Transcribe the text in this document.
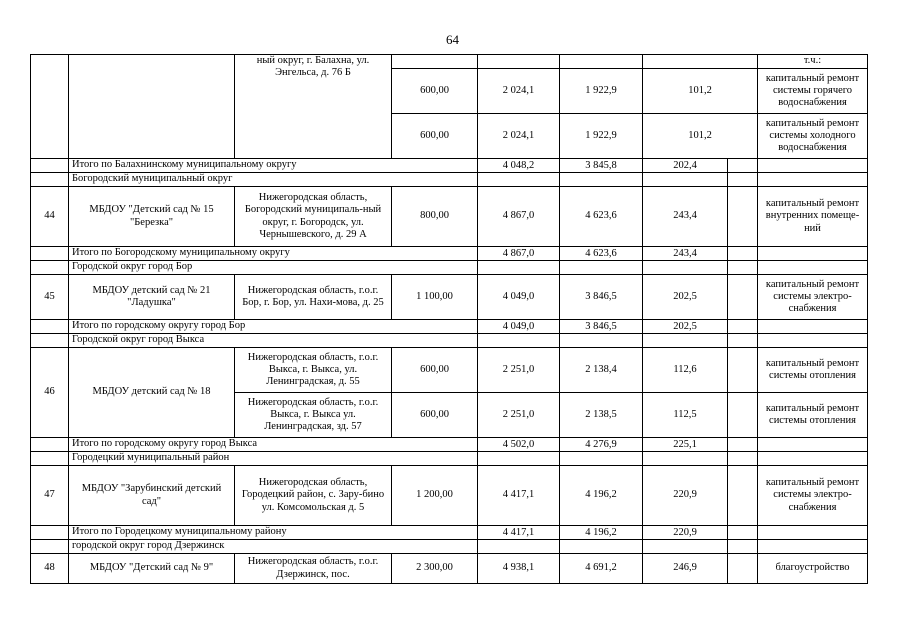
64
		ный округ, г. Балахна, ул. Энгельса, д. 76 Б						т.ч.:
			600,00	2 024,1	1 922,9	101,2		капитальный ремонт системы горячего водоснабжения
			600,00	2 024,1	1 922,9	101,2		капитальный ремонт системы холодного водоснабжения
	Итого по Балахнинскому муниципальному округу			4 048,2	3 845,8	202,4		
	Богородский муниципальный округ							
44	МБДОУ "Детский сад № 15 "Березка"	Нижегородская область, Богородский муниципаль-ный округ, г. Богородск, ул. Чернышевского, д. 29 А	800,00	4 867,0	4 623,6	243,4		капитальный ремонт внутренних помеще-ний
	Итого по Богородскому муниципальному округу			4 867,0	4 623,6	243,4		
	Городской округ город Бор							
45	МБДОУ детский сад № 21 "Ладушка"	Нижегородская область, г.о.г. Бор, г. Бор, ул. Нахи-мова, д. 25	1 100,00	4 049,0	3 846,5	202,5		капитальный ремонт системы электро-снабжения
	Итого по городскому округу город Бор			4 049,0	3 846,5	202,5		
	Городской округ город Выкса							
46	МБДОУ детский сад № 18	Нижегородская область, г.о.г. Выкса, г. Выкса, ул. Ленинградская, д. 55	600,00	2 251,0	2 138,4	112,6		капитальный ремонт системы отопления
		Нижегородская область, г.о.г. Выкса, г. Выкса ул. Ленинградская, зд. 57	600,00	2 251,0	2 138,5	112,5		капитальный ремонт системы отопления
	Итого по городскому округу город Выкса			4 502,0	4 276,9	225,1		
	Городецкий муниципальный район							
47	МБДОУ "Зарубинский детский сад"	Нижегородская область, Городецкий район, с. Зару-бино ул. Комсомольская д. 5	1 200,00	4 417,1	4 196,2	220,9		капитальный ремонт системы электро-снабжения
	Итого по Городецкому муниципальному району			4 417,1	4 196,2	220,9		
	городской округ город Дзержинск							
48	МБДОУ "Детский сад № 9"	Нижегородская область, г.о.г. Дзержинск, пос.	2 300,00	4 938,1	4 691,2	246,9		благоустройство
